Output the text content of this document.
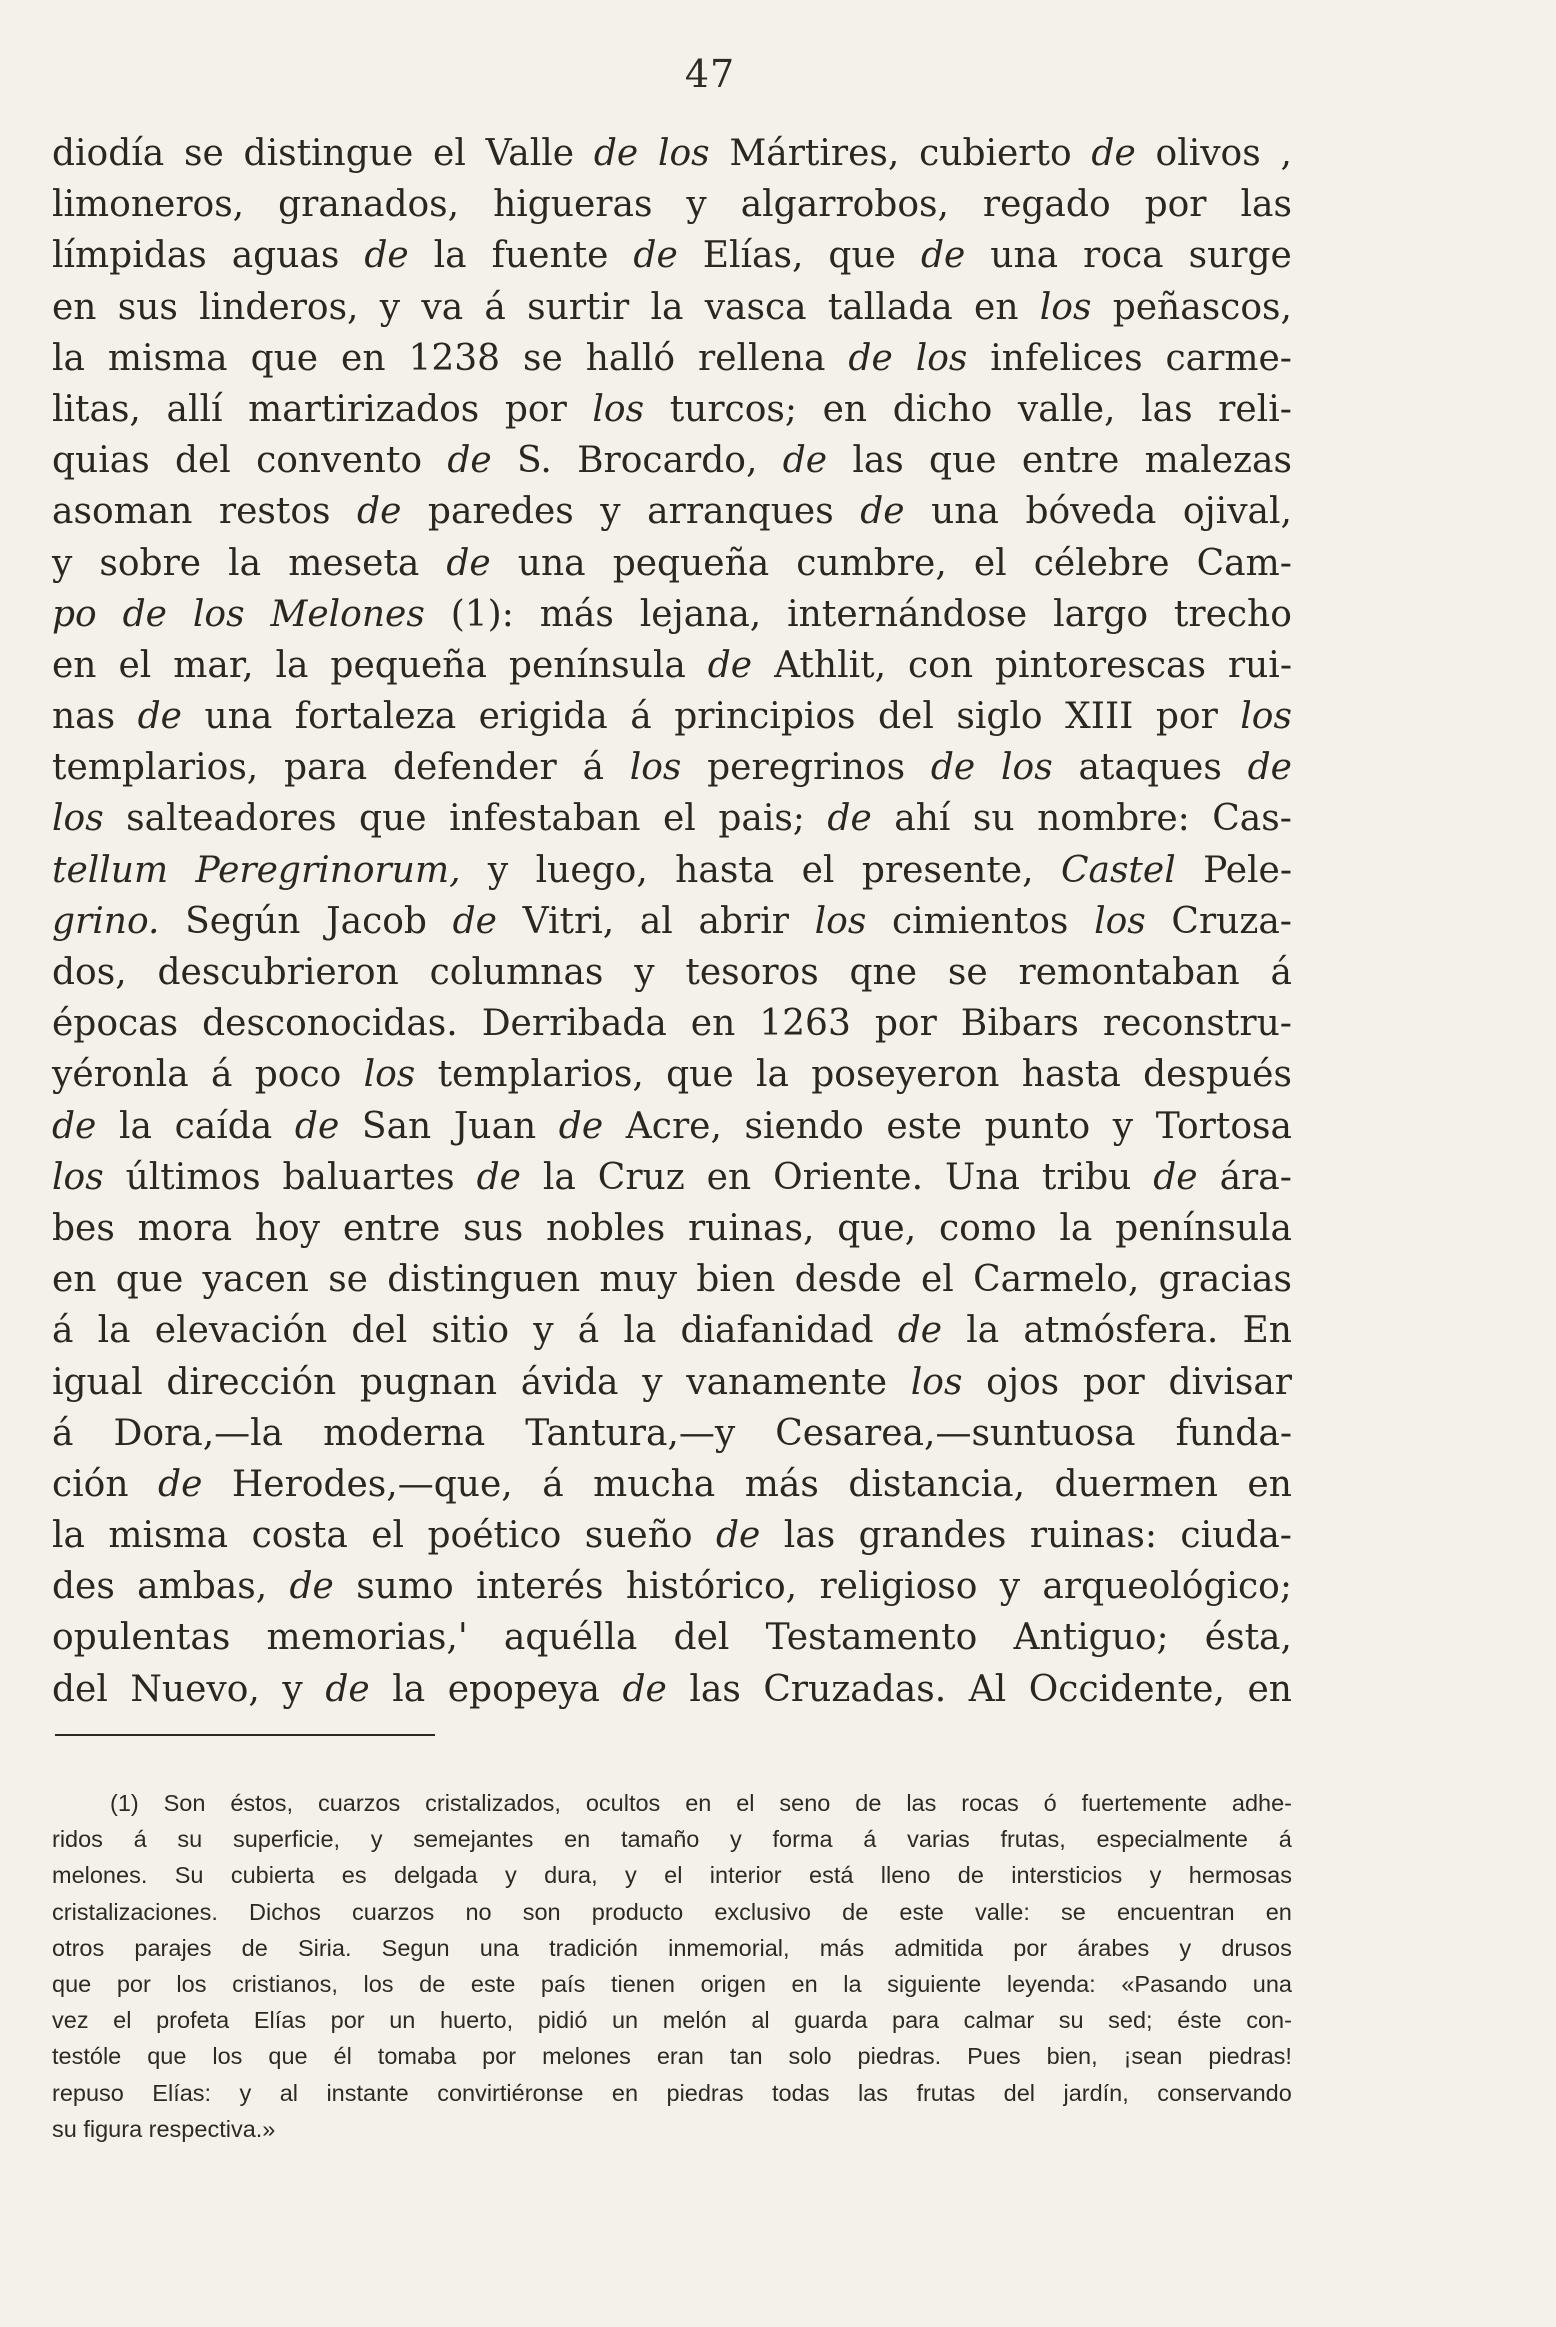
47
diodía se distingue el Valle de los Mártires, cubierto de olivos ,
limoneros, granados, higueras y algarrobos, regado por las
límpidas aguas de la fuente de Elías, que de una roca surge
en sus linderos, y va á surtir la vasca tallada en los peñascos,
la misma que en 1238 se halló rellena de los infelices carme-
litas, allí martirizados por los turcos; en dicho valle, las reli-
quias del convento de S. Brocardo, de las que entre malezas
asoman restos de paredes y arranques de una bóveda ojival,
y sobre la meseta de una pequeña cumbre, el célebre Cam-
po de los Melones (1): más lejana, internándose largo trecho
en el mar, la pequeña península de Athlit, con pintorescas rui-
nas de una fortaleza erigida á principios del siglo XIII por los
templarios, para defender á los peregrinos de los ataques de
los salteadores que infestaban el pais; de ahí su nombre: Cas-
tellum Peregrinorum, y luego, hasta el presente, Castel Pele-
grino. Según Jacob de Vitri, al abrir los cimientos los Cruza-
dos, descubrieron columnas y tesoros qne se remontaban á
épocas desconocidas. Derribada en 1263 por Bibars reconstru-
yéronla á poco los templarios, que la poseyeron hasta después
de la caída de San Juan de Acre, siendo este punto y Tortosa
los últimos baluartes de la Cruz en Oriente. Una tribu de ára-
bes mora hoy entre sus nobles ruinas, que, como la península
en que yacen se distinguen muy bien desde el Carmelo, gracias
á la elevación del sitio y á la diafanidad de la atmósfera. En
igual dirección pugnan ávida y vanamente los ojos por divisar
á Dora,—la moderna Tantura,—y Cesarea,—suntuosa funda-
ción de Herodes,—que, á mucha más distancia, duermen en
la misma costa el poético sueño de las grandes ruinas: ciuda-
des ambas, de sumo interés histórico, religioso y arqueológico;
opulentas memorias,' aquélla del Testamento Antiguo; ésta,
del Nuevo, y de la epopeya de las Cruzadas. Al Occidente, en
(1) Son éstos, cuarzos cristalizados, ocultos en el seno de las rocas ó fuertemente adhe-
ridos á su superficie, y semejantes en tamaño y forma á varias frutas, especialmente á
melones. Su cubierta es delgada y dura, y el interior está lleno de intersticios y hermosas
cristalizaciones. Dichos cuarzos no son producto exclusivo de este valle: se encuentran en
otros parajes de Siria. Segun una tradición inmemorial, más admitida por árabes y drusos
que por los cristianos, los de este país tienen origen en la siguiente leyenda: «Pasando una
vez el profeta Elías por un huerto, pidió un melón al guarda para calmar su sed; éste con-
testóle que los que él tomaba por melones eran tan solo piedras. Pues bien, ¡sean piedras!
repuso Elías: y al instante convirtiéronse en piedras todas las frutas del jardín, conservando
su figura respectiva.»
